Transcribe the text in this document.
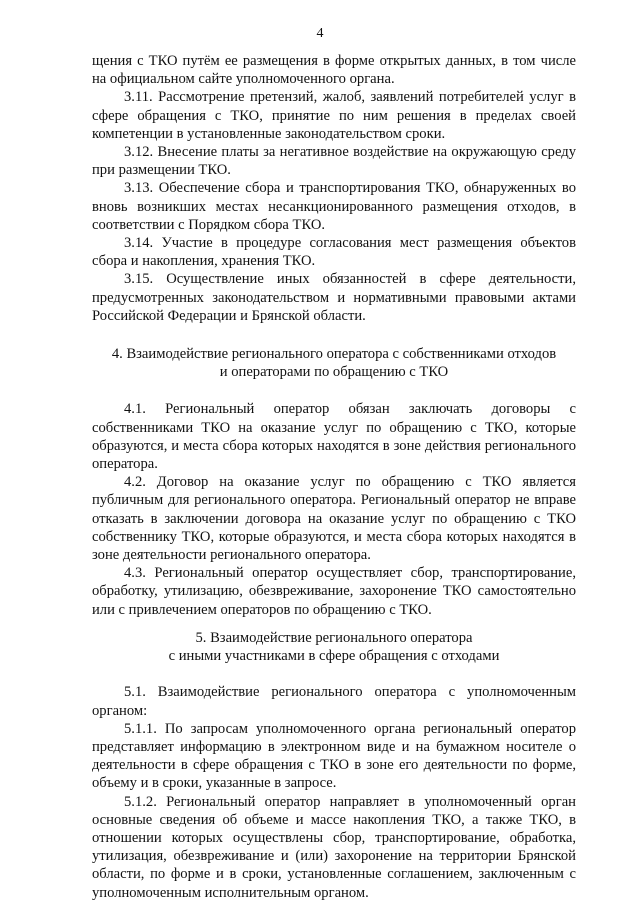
4

щения с ТКО путём ее размещения в форме открытых данных, в том числе на официальном сайте уполномоченного органа.

3.11. Рассмотрение претензий, жалоб, заявлений потребителей услуг в сфере обращения с ТКО, принятие по ним решения в пределах своей компетенции в установленные законодательством сроки.

3.12. Внесение платы за негативное воздействие на окружающую среду при размещении ТКО.

3.13. Обеспечение сбора и транспортирования ТКО, обнаруженных во вновь возникших местах несанкционированного размещения отходов, в соответствии с Порядком сбора ТКО.

3.14. Участие в процедуре согласования мест размещения объектов сбора и накопления, хранения ТКО.

3.15. Осуществление иных обязанностей в сфере деятельности, предусмотренных законодательством и нормативными правовыми актами Российской Федерации и Брянской области.

4. Взаимодействие регионального оператора с собственниками отходов
и операторами по обращению с ТКО

4.1. Региональный оператор обязан заключать договоры с собственниками ТКО на оказание услуг по обращению с ТКО, которые образуются, и места сбора которых находятся в зоне действия регионального оператора.

4.2. Договор на оказание услуг по обращению с ТКО является публичным для регионального оператора. Региональный оператор не вправе отказать в заключении договора на оказание услуг по обращению с ТКО собственнику ТКО, которые образуются, и места сбора которых находятся в зоне деятельности регионального оператора.

4.3. Региональный оператор осуществляет сбор, транспортирование, обработку, утилизацию, обезвреживание, захоронение ТКО самостоятельно или с привлечением операторов по обращению с ТКО.

5. Взаимодействие регионального оператора
с иными участниками в сфере обращения с отходами

5.1. Взаимодействие регионального оператора с уполномоченным органом:

5.1.1. По запросам уполномоченного органа региональный оператор представляет информацию в электронном виде и на бумажном носителе о деятельности в сфере обращения с ТКО в зоне его деятельности по форме, объему и в сроки, указанные в запросе.

5.1.2. Региональный оператор направляет в уполномоченный орган основные сведения об объеме и массе накопления ТКО, а также ТКО, в отношении которых осуществлены сбор, транспортирование, обработка, утилизация, обезвреживание и (или) захоронение на территории Брянской области, по форме и в сроки, установленные соглашением, заключенным с уполномоченным исполнительным органом.
